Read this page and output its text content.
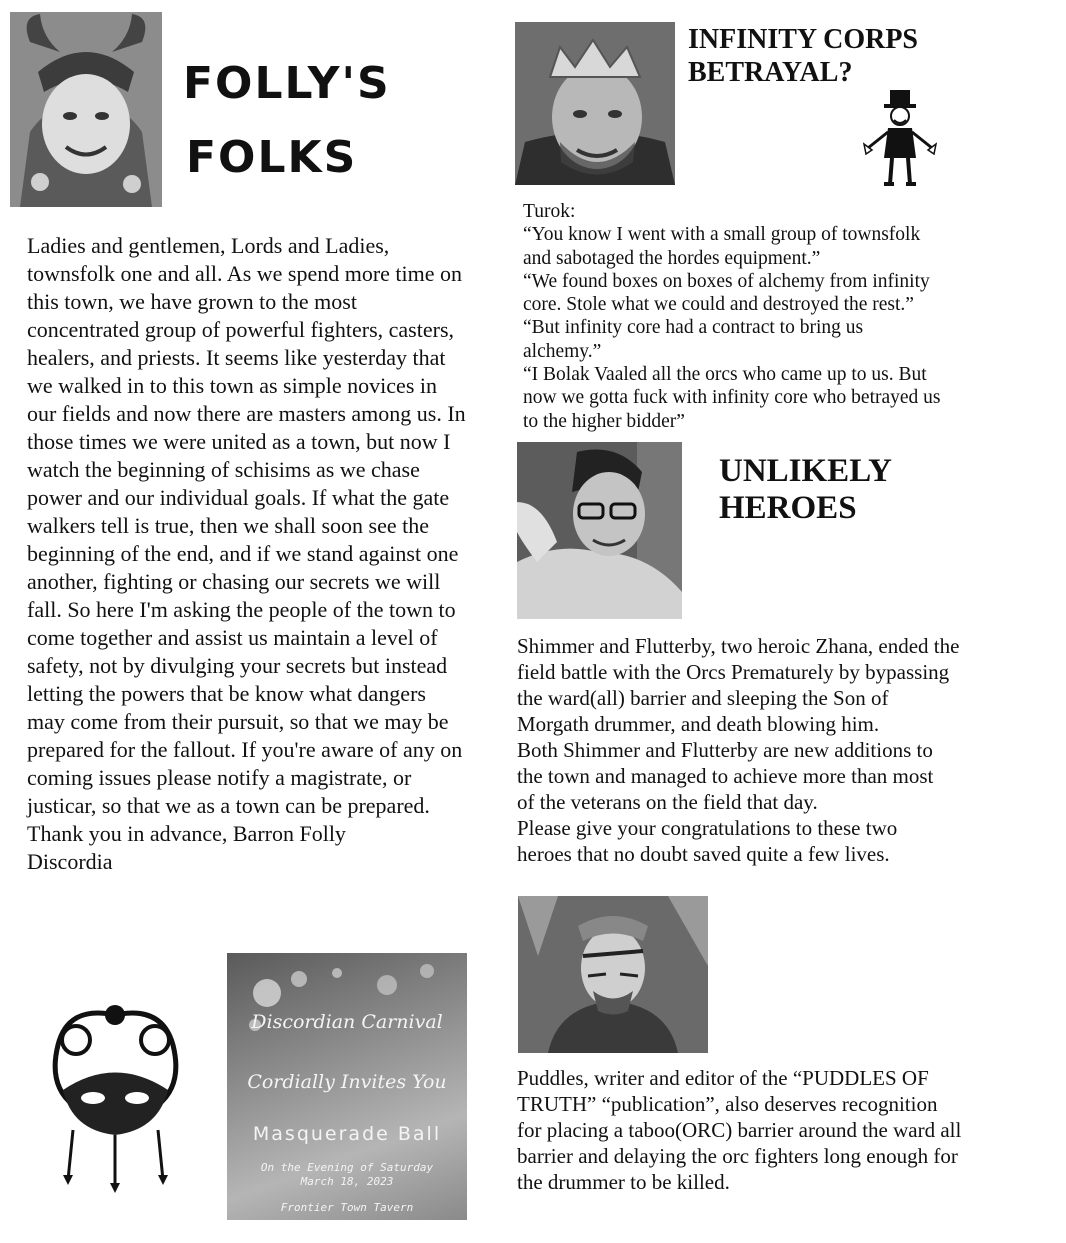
FOLLY'S
FOLKS

Ladies and gentlemen, Lords and Ladies, townsfolk one and all. As we spend more time on this town, we have grown to the most concentrated group of powerful fighters, casters, healers, and priests. It seems like yesterday that we walked in to this town as simple novices in our fields and now there are masters among us. In those times we were united as a town, but now I watch the beginning of schisims as we chase power and our individual goals. If what the gate walkers tell is true, then we shall soon see the beginning of the end, and if we stand against one another, fighting or chasing our secrets we will fall. So here I'm asking the people of the town to come together and assist us maintain a level of safety, not by divulging your secrets but instead letting the powers that be know what dangers may come from their pursuit, so that we may be prepared for the fallout. If you're aware of any on coming issues please notify a magistrate, or justicar, so that we as a town can be prepared.

Thank you in advance, Barron Folly Discordia

Discordian Carnival
Cordially Invites You
Masquerade Ball
On the Evening of Saturday
March 18, 2023
Frontier Town Tavern
INFINITY CORPS
BETRAYAL?

Turok:

“You know I went with a small group of townsfolk and sabotaged the hordes equipment.”

“We found boxes on boxes of alchemy from infinity core. Stole what we could and destroyed the rest.”

“But infinity core had a contract to bring us alchemy.”

“I Bolak Vaaled all the orcs who came up to us. But now we gotta fuck with infinity core who betrayed us to the higher bidder”

UNLIKELY
HEROES

Shimmer and Flutterby, two heroic Zhana, ended the field battle with the Orcs Prematurely by bypassing the ward(all) barrier and sleeping the Son of Morgath drummer, and death blowing him.

Both Shimmer and Flutterby are new additions to the town and managed to achieve more than most of the veterans on the field that day.

Please give your congratulations to these two heroes that no doubt saved quite a few lives.

Puddles, writer and editor of the “PUDDLES OF TRUTH” “publication”, also deserves recognition for placing a taboo(ORC) barrier around the ward all barrier and delaying the orc fighters long enough for the drummer to be killed.
